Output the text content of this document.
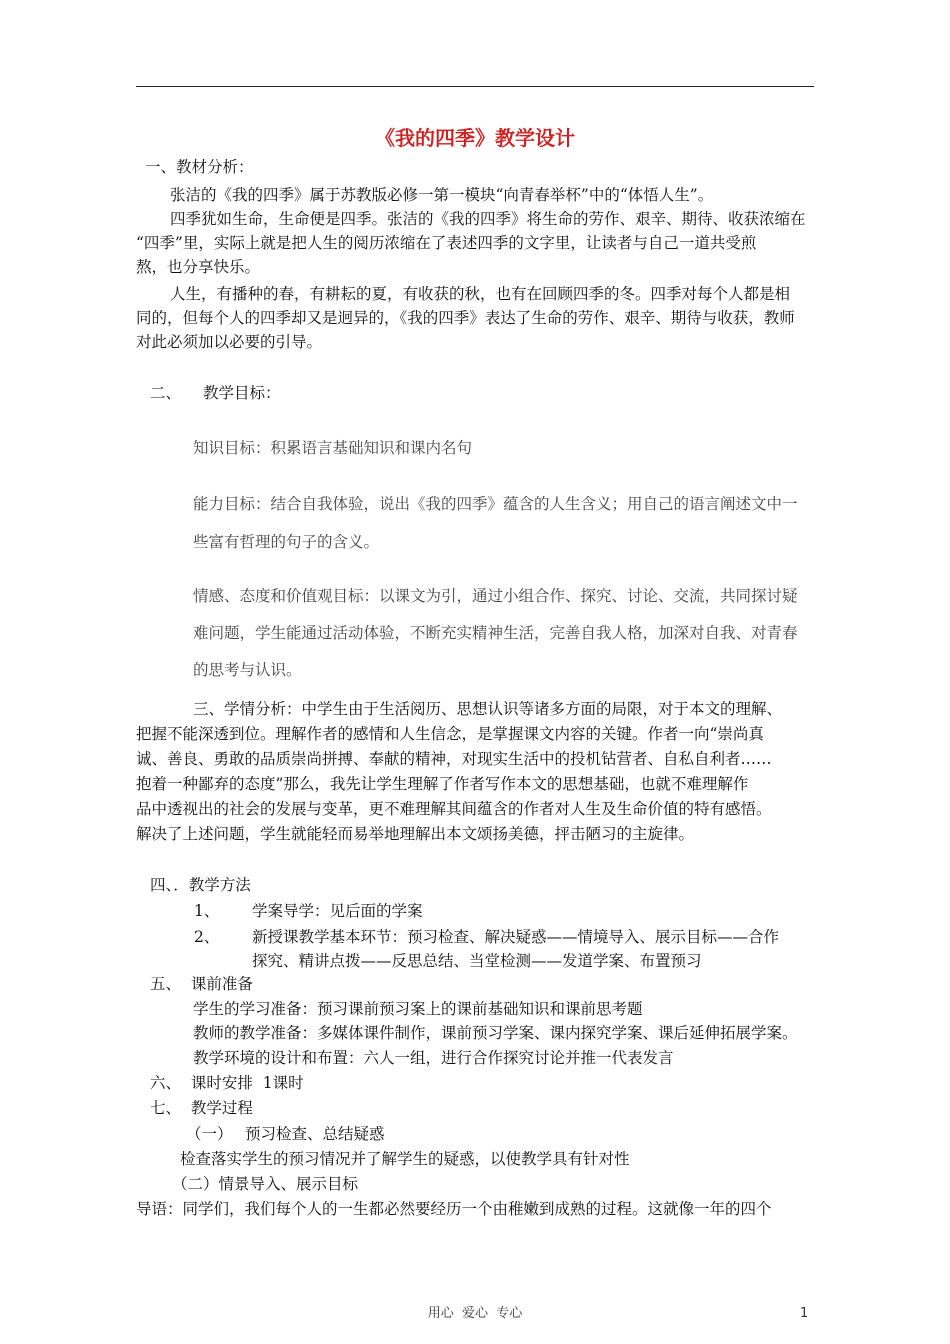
《我的四季》教学设计
一、教材分析：
张洁的《我的四季》属于苏教版必修一第一模块“向青春举杯”中的“体悟人生”。
四季犹如生命，生命便是四季。张洁的《我的四季》将生命的劳作、艰辛、期待、收获浓缩在
“四季”里，实际上就是把人生的阅历浓缩在了表述四季的文字里，让读者与自己一道共受煎
熬，也分享快乐。
人生，有播种的春，有耕耘的夏，有收获的秋，也有在回顾四季的冬。四季对每个人都是相
同的，但每个人的四季却又是迥异的，《我的四季》表达了生命的劳作、艰辛、期待与收获，教师
对此必须加以必要的引导。
二、 教学目标：
知识目标：积累语言基础知识和课内名句
能力目标：结合自我体验，说出《我的四季》蕴含的人生含义；用自己的语言阐述文中一
些富有哲理的句子的含义。
情感、态度和价值观目标：以课文为引，通过小组合作、探究、讨论、交流，共同探讨疑
难问题，学生能通过活动体验，不断充实精神生活，完善自我人格，加深对自我、对青春
的思考与认识。
三、学情分析：中学生由于生活阅历、思想认识等诸多方面的局限，对于本文的理解、
把握不能深透到位。理解作者的感情和人生信念，是掌握课文内容的关键。作者一向“崇尚真
诚、善良、勇敢的品质崇尚拼搏、奉献的精神，对现实生活中的投机钻营者、自私自利者……
抱着一种鄙弃的态度”那么，我先让学生理解了作者写作本文的思想基础，也就不难理解作
品中透视出的社会的发展与变革，更不难理解其间蕴含的作者对人生及生命价值的特有感悟。
解决了上述问题，学生就能轻而易举地理解出本文颂扬美德，抨击陋习的主旋律。
四、．教学方法
1、 学案导学：见后面的学案
2、 新授课教学基本环节：预习检查、解决疑惑——情境导入、展示目标——合作
探究、精讲点拨——反思总结、当堂检测——发道学案、布置预习
五、  课前准备
学生的学习准备：预习课前预习案上的课前基础知识和课前思考题
教师的教学准备：多媒体课件制作，课前预习学案、课内探究学案、课后延伸拓展学案。
教学环境的设计和布置：六人一组，进行合作探究讨论并推一代表发言
六、  课时安排  1课时
七、  教学过程
（一） 预习检查、总结疑惑
检查落实学生的预习情况并了解学生的疑惑，以使教学具有针对性
（二）情景导入、展示目标
导语：同学们，我们每个人的一生都必然要经历一个由稚嫩到成熟的过程。这就像一年的四个
用心  爱心  专心	1
